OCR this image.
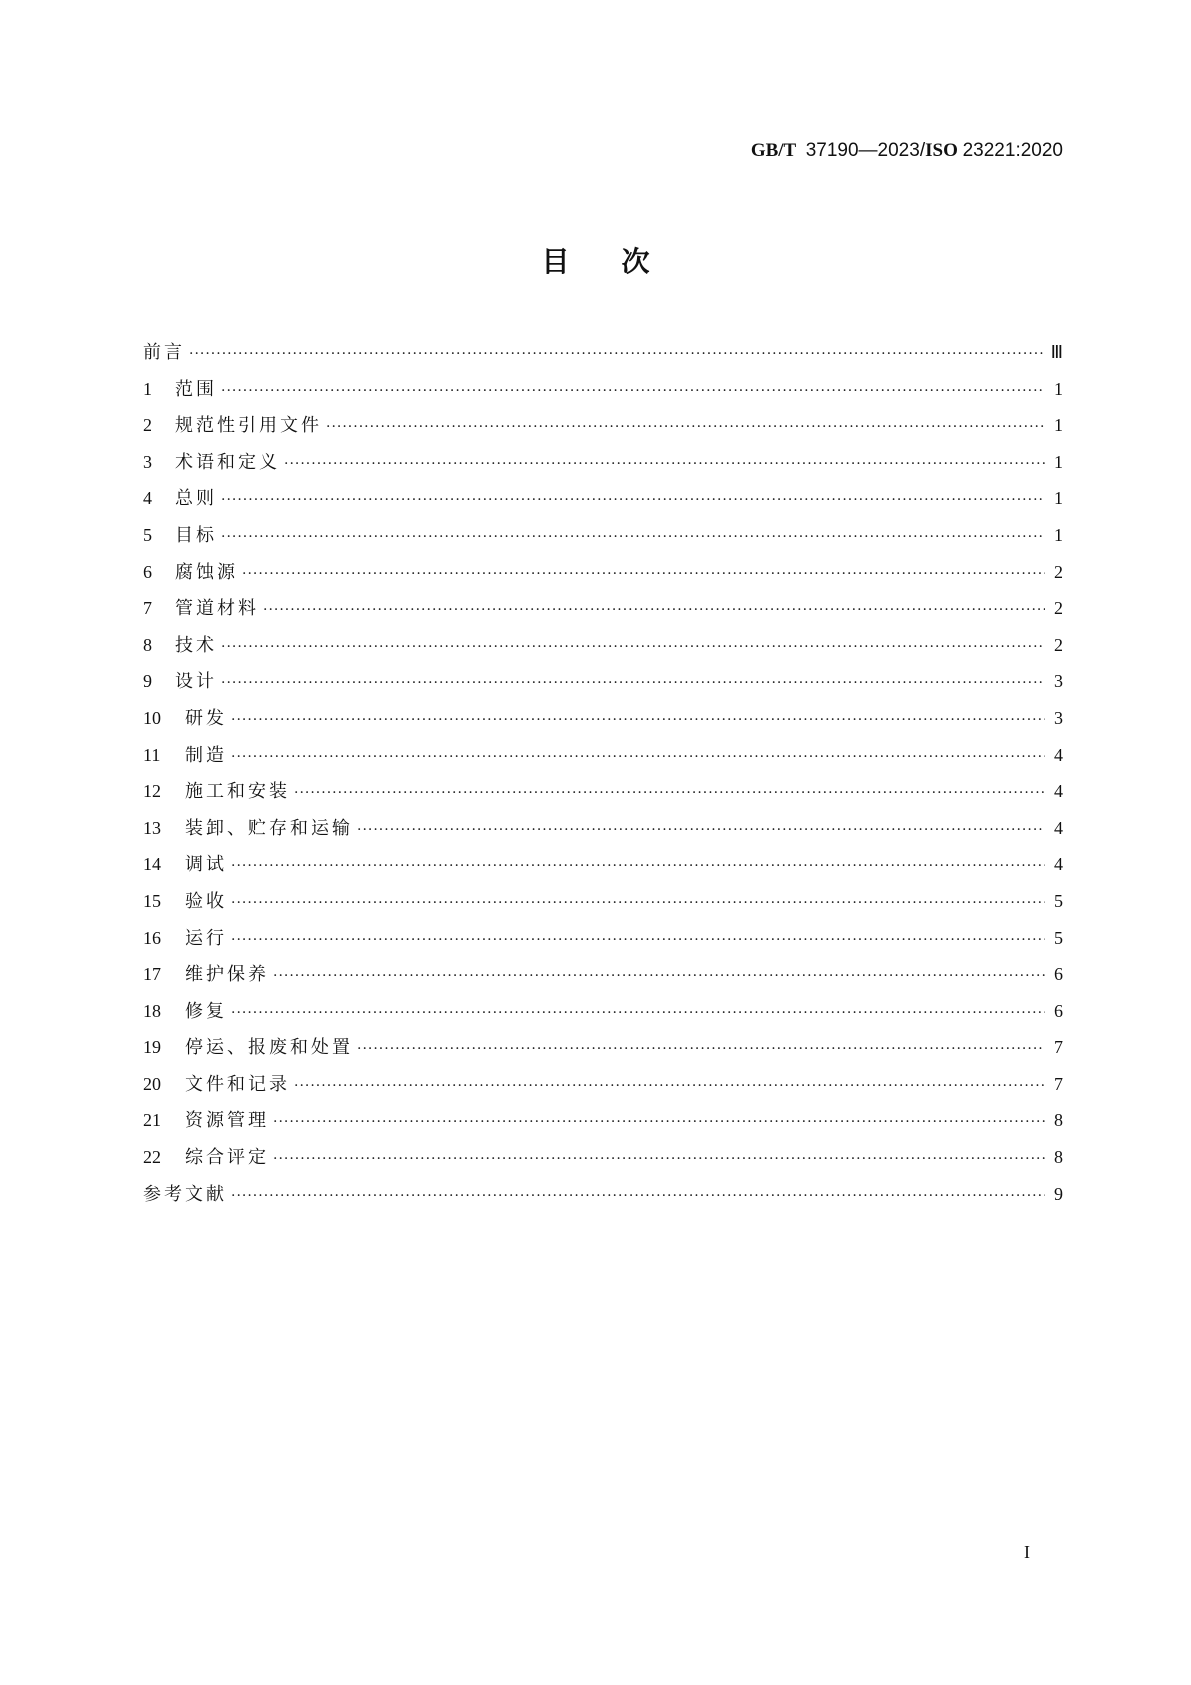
GB/T 37190—2023/ISO 23221:2020
目次
前言 ·····	Ⅲ
1	范围 ·····	1
2	规范性引用文件 ·····	1
3	术语和定义 ·····	1
4	总则 ·····	1
5	目标 ·····	1
6	腐蚀源 ·····	2
7	管道材料 ·····	2
8	技术 ·····	2
9	设计 ·····	3
10	研发 ·····	3
11	制造 ·····	4
12	施工和安装 ·····	4
13	装卸、贮存和运输 ·····	4
14	调试 ·····	4
15	验收 ·····	5
16	运行 ·····	5
17	维护保养 ·····	6
18	修复 ·····	6
19	停运、报废和处置 ·····	7
20	文件和记录 ·····	7
21	资源管理 ·····	8
22	综合评定 ·····	8
参考文献 ·····	9
I
